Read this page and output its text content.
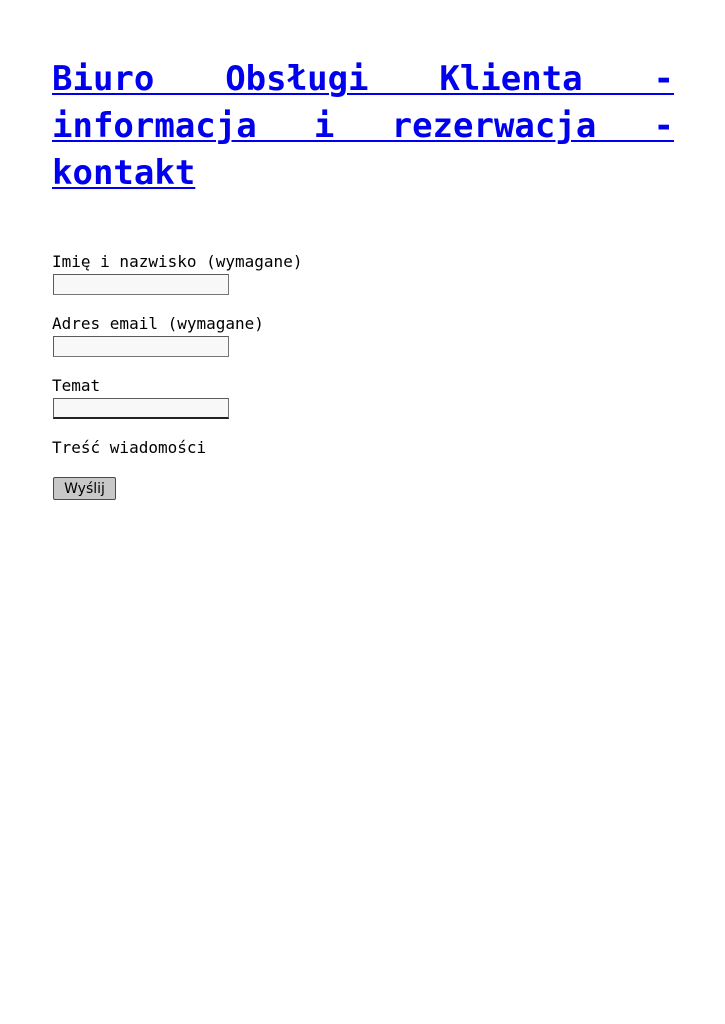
Biuro Obsługi Klienta - informacja i rezerwacja - kontakt
Imię i nazwisko (wymagane)
Adres email (wymagane)
Temat
Treść wiadomości
Wyślij
